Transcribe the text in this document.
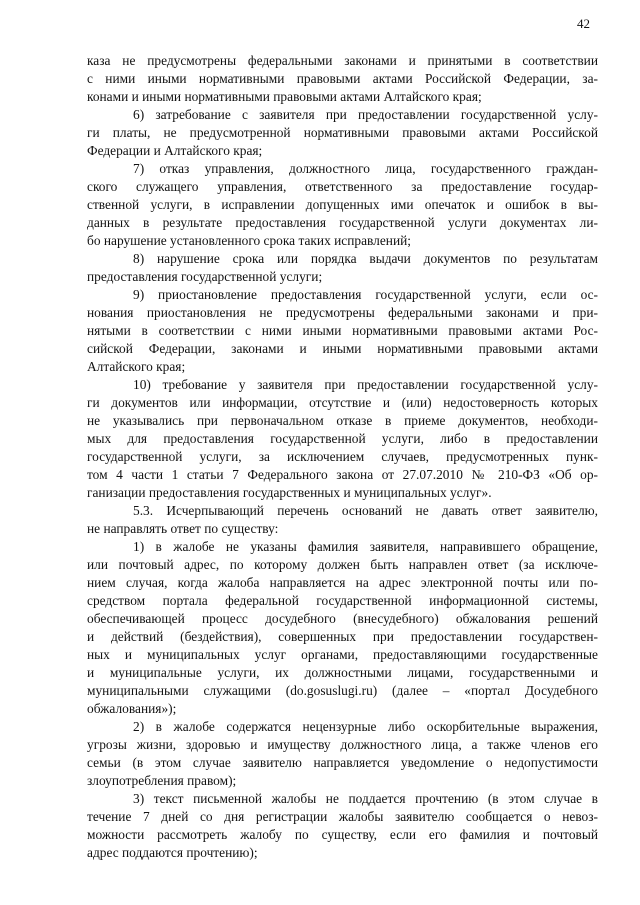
42
каза не предусмотрены федеральными законами и принятыми в соответствии
с ними иными нормативными правовыми актами Российской Федерации, за-
конами и иными нормативными правовыми актами Алтайского края;
6) затребование с заявителя при предоставлении государственной услу-
ги платы, не предусмотренной нормативными правовыми актами Российской
Федерации и Алтайского края;
7) отказ управления, должностного лица, государственного граждан-
ского служащего управления, ответственного за предоставление государ-
ственной услуги, в исправлении допущенных ими опечаток и ошибок в вы-
данных в результате предоставления государственной услуги документах ли-
бо нарушение установленного срока таких исправлений;
8) нарушение срока или порядка выдачи документов по результатам
предоставления государственной услуги;
9) приостановление предоставления государственной услуги, если ос-
нования приостановления не предусмотрены федеральными законами и при-
нятыми в соответствии с ними иными нормативными правовыми актами Рос-
сийской Федерации, законами и иными нормативными правовыми актами
Алтайского края;
10) требование у заявителя при предоставлении государственной услу-
ги документов или информации, отсутствие и (или) недостоверность которых
не указывались при первоначальном отказе в приеме документов, необходи-
мых для предоставления государственной услуги, либо в предоставлении
государственной услуги, за исключением случаев, предусмотренных пунк-
том 4 части 1 статьи 7 Федерального закона от 27.07.2010 № 210-ФЗ «Об ор-
ганизации предоставления государственных и муниципальных услуг».
5.3. Исчерпывающий перечень оснований не давать ответ заявителю,
не направлять ответ по существу:
1) в жалобе не указаны фамилия заявителя, направившего обращение,
или почтовый адрес, по которому должен быть направлен ответ (за исключе-
нием случая, когда жалоба направляется на адрес электронной почты или по-
средством портала федеральной государственной информационной системы,
обеспечивающей процесс досудебного (внесудебного) обжалования решений
и действий (бездействия), совершенных при предоставлении государствен-
ных и муниципальных услуг органами, предоставляющими государственные
и муниципальные услуги, их должностными лицами, государственными и
муниципальными служащими (do.gosuslugi.ru) (далее – «портал Досудебного
обжалования»);
2) в жалобе содержатся нецензурные либо оскорбительные выражения,
угрозы жизни, здоровью и имуществу должностного лица, а также членов его
семьи (в этом случае заявителю направляется уведомление о недопустимости
злоупотребления правом);
3) текст письменной жалобы не поддается прочтению (в этом случае в
течение 7 дней со дня регистрации жалобы заявителю сообщается о невоз-
можности рассмотреть жалобу по существу, если его фамилия и почтовый
адрес поддаются прочтению);
